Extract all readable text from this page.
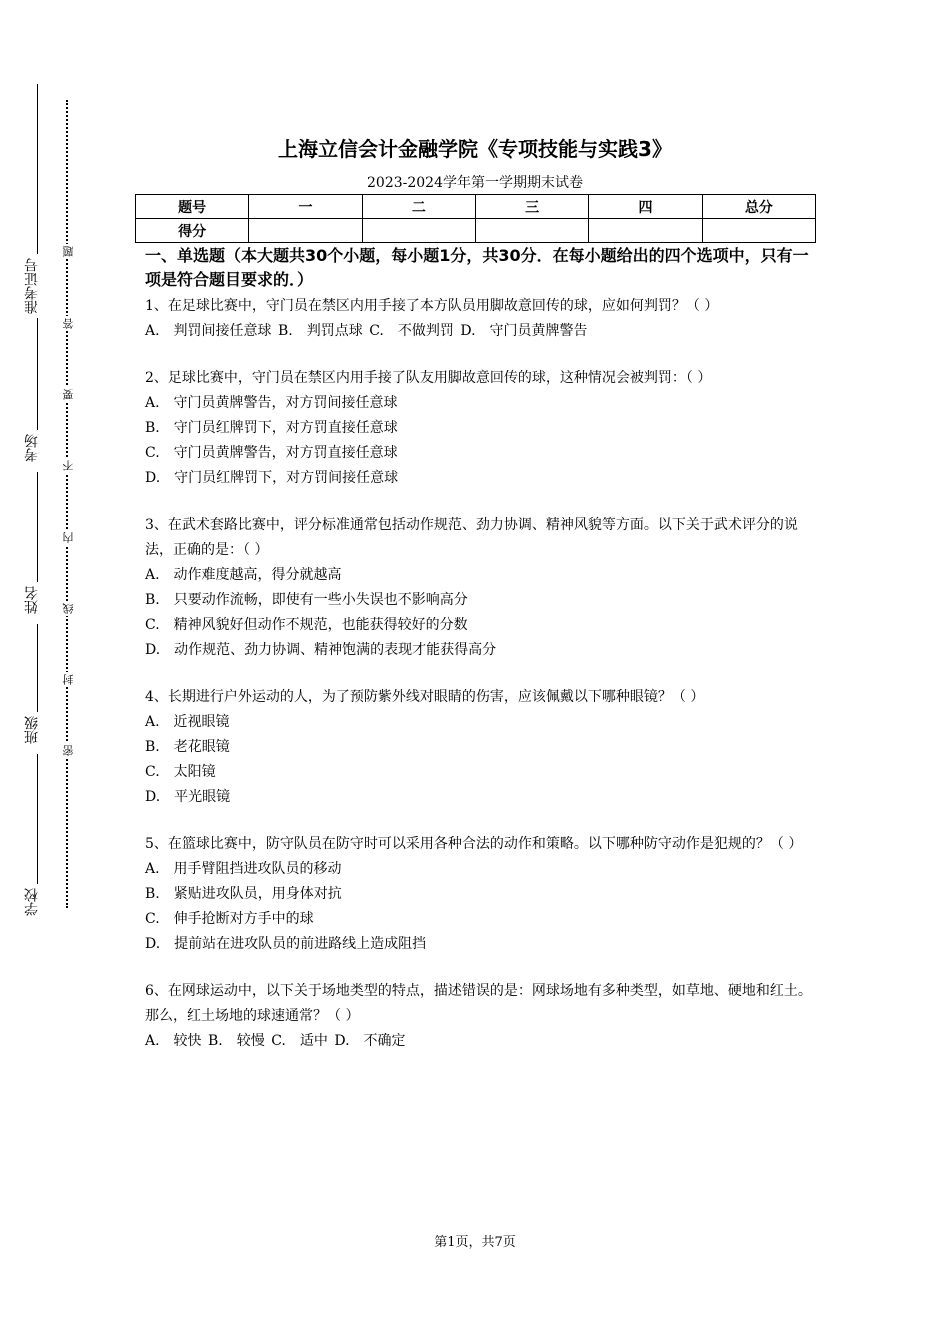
准考证号
考场
姓名
班级
学校
题
答
要
不
内
线
封
密
上海立信会计金融学院《专项技能与实践3》
2023-2024学年第一学期期末试卷
题号	一	二	三	四	总分
得分					
一、单选题（本大题共30个小题，每小题1分，共30分．在每小题给出的四个选项中，只有一项是符合题目要求的．）
1、在足球比赛中，守门员在禁区内用手接了本方队员用脚故意回传的球，应如何判罚？（ ）
A.　判罚间接任意球 B.　判罚点球 C.　不做判罚 D.　守门员黄牌警告
2、足球比赛中，守门员在禁区内用手接了队友用脚故意回传的球，这种情况会被判罚：（ ）
A.　守门员黄牌警告，对方罚间接任意球
B.　守门员红牌罚下，对方罚直接任意球
C.　守门员黄牌警告，对方罚直接任意球
D.　守门员红牌罚下，对方罚间接任意球
3、在武术套路比赛中，评分标准通常包括动作规范、劲力协调、精神风貌等方面。以下关于武术评分的说法，正确的是：（ ）
A.　动作难度越高，得分就越高
B.　只要动作流畅，即使有一些小失误也不影响高分
C.　精神风貌好但动作不规范，也能获得较好的分数
D.　动作规范、劲力协调、精神饱满的表现才能获得高分
4、长期进行户外运动的人，为了预防紫外线对眼睛的伤害，应该佩戴以下哪种眼镜？（ ）
A.　近视眼镜
B.　老花眼镜
C.　太阳镜
D.　平光眼镜
5、在篮球比赛中，防守队员在防守时可以采用各种合法的动作和策略。以下哪种防守动作是犯规的？（ ）
A.　用手臂阻挡进攻队员的移动
B.　紧贴进攻队员，用身体对抗
C.　伸手抢断对方手中的球
D.　提前站在进攻队员的前进路线上造成阻挡
6、在网球运动中，以下关于场地类型的特点，描述错误的是：网球场地有多种类型，如草地、硬地和红土。那么，红土场地的球速通常？（ ）
A.　较快 B.　较慢 C.　适中 D.　不确定
第1页，共7页
